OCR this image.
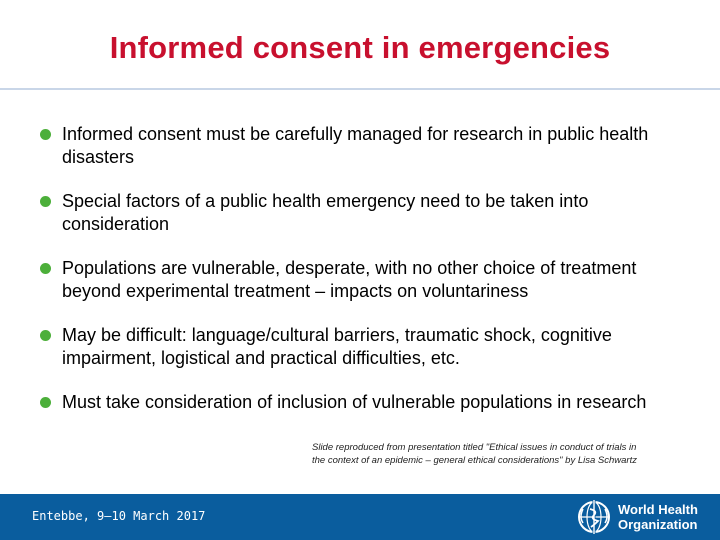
Informed consent in emergencies
Informed consent must be carefully managed for research in public health disasters
Special factors of a public health emergency need to be taken into consideration
Populations are vulnerable, desperate, with no other choice of treatment beyond experimental treatment – impacts on voluntariness
May be difficult: language/cultural barriers, traumatic shock, cognitive impairment, logistical and practical difficulties, etc.
Must take consideration of inclusion of vulnerable populations in research
Slide reproduced from presentation titled "Ethical issues in conduct of trials in
the context of an epidemic – general ethical considerations" by Lisa Schwartz
Entebbe, 9–10 March 2017	World Health
Organization
